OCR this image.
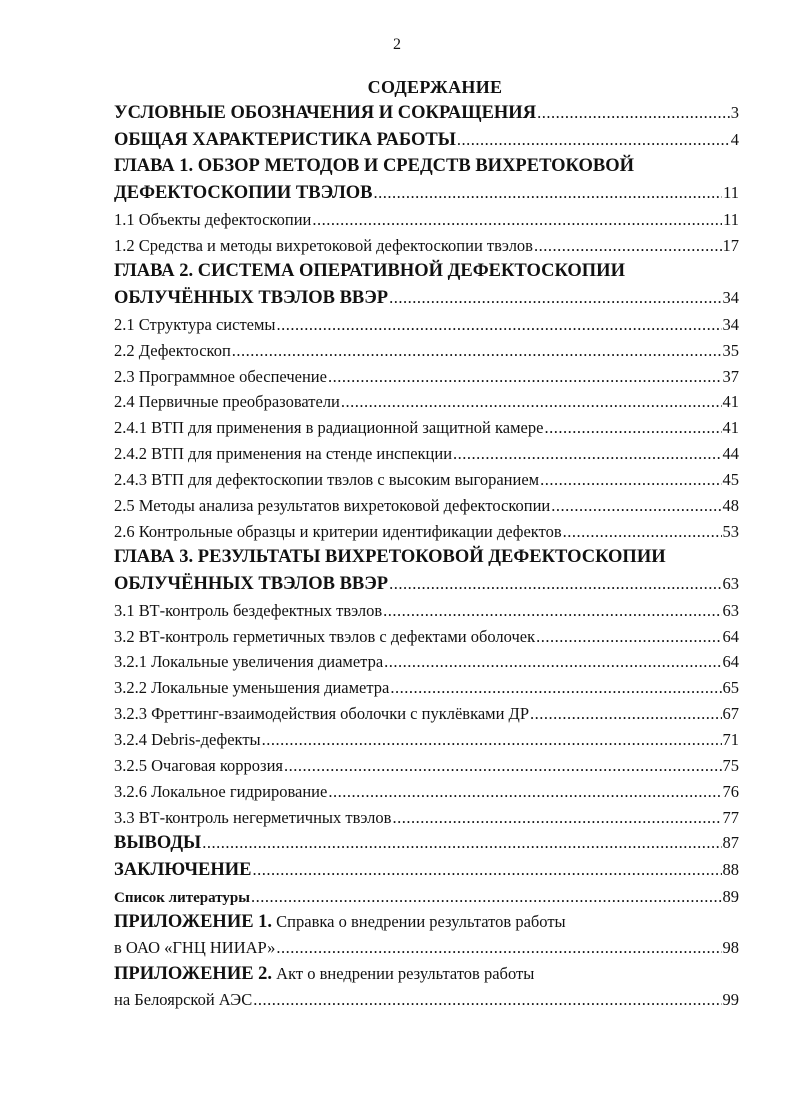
2
СОДЕРЖАНИЕ
УСЛОВНЫЕ ОБОЗНАЧЕНИЯ И СОКРАЩЕНИЯ .....	3
ОБЩАЯ ХАРАКТЕРИСТИКА РАБОТЫ .....	4
ГЛАВА 1. ОБЗОР МЕТОДОВ И СРЕДСТВ ВИХРЕТОКОВОЙ
ДЕФЕКТОСКОПИИ ТВЭЛОВ .....	11
1.1 Объекты дефектоскопии .....	11
1.2 Средства и методы вихретоковой дефектоскопии твэлов .....	17
ГЛАВА 2. СИСТЕМА ОПЕРАТИВНОЙ ДЕФЕКТОСКОПИИ
ОБЛУЧЁННЫХ ТВЭЛОВ ВВЭР .....	34
2.1 Структура системы .....	34
2.2 Дефектоскоп .....	35
2.3 Программное обеспечение .....	37
2.4 Первичные преобразователи .....	41
2.4.1 ВТП для применения в радиационной защитной камере .....	41
2.4.2 ВТП для применения на стенде инспекции .....	44
2.4.3 ВТП для дефектоскопии твэлов с высоким выгоранием .....	45
2.5 Методы анализа результатов вихретоковой дефектоскопии .....	48
2.6 Контрольные образцы и критерии идентификации дефектов .....	53
ГЛАВА 3. РЕЗУЛЬТАТЫ ВИХРЕТОКОВОЙ ДЕФЕКТОСКОПИИ
ОБЛУЧЁННЫХ ТВЭЛОВ ВВЭР .....	63
3.1 ВТ-контроль бездефектных твэлов .....	63
3.2 ВТ-контроль герметичных твэлов с дефектами оболочек .....	64
3.2.1 Локальные увеличения диаметра .....	64
3.2.2 Локальные уменьшения диаметра .....	65
3.2.3 Фреттинг-взаимодействия оболочки с пуклёвками ДР .....	67
3.2.4 Debris-дефекты .....	71
3.2.5 Очаговая коррозия .....	75
3.2.6 Локальное гидрирование .....	76
3.3 ВТ-контроль негерметичных твэлов .....	77
ВЫВОДЫ .....	87
ЗАКЛЮЧЕНИЕ .....	88
Список литературы .....	89
ПРИЛОЖЕНИЕ 1. Справка о внедрении результатов работы
в ОАО «ГНЦ НИИАР» .....	98
ПРИЛОЖЕНИЕ 2. Акт о внедрении результатов работы
на Белоярской АЭС .....	99
